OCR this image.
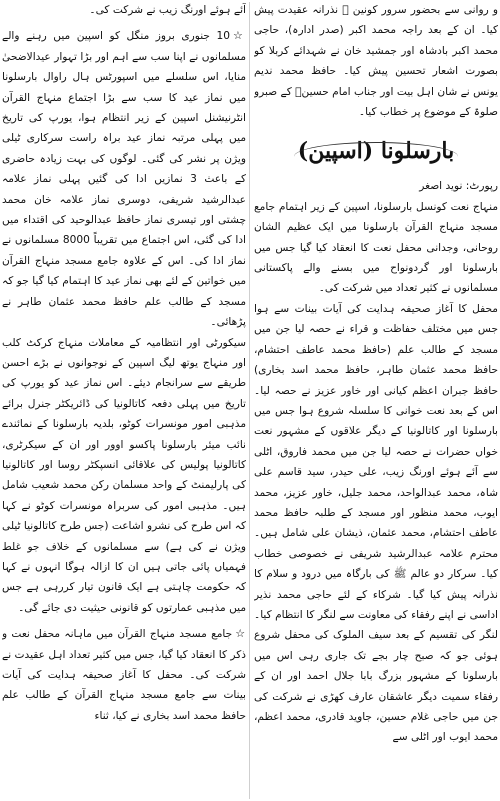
و روانی سے بحضور سرور کونین ﷺ نذرانہ عقیدت پیش کیا۔ ان کے بعد راجہ محمد اکبر (صدر ادارہ)، حاجی محمد اکبر بادشاہ اور جمشید خان نے شہدائے کربلا کو بصورت اشعار تحسین پیش کیا۔ حافظ محمد ندیم یونس نے شان اہل بیت اور جناب امام حسینؓ کے صبرو صلوۃ کے موضوع پر خطاب کیا۔

بارسلونا (اسپین)

رپورٹ: نوید اصغر

منہاج نعت کونسل بارسلونا، اسپین کے زیر اہتمام جامع مسجد منہاج القرآن بارسلونا میں ایک عظیم الشان روحانی، وجدانی محفل نعت کا انعقاد کیا گیا جس میں بارسلونا اور گردونواح میں بسنے والے پاکستانی مسلمانوں نے کثیر تعداد میں شرکت کی۔

محفل کا آغاز صحیفہ ہدایت کی آیات بینات سے ہوا جس میں مختلف حفاظت و قراء نے حصہ لیا جن میں مسجد کے طالب علم (حافظ محمد عاطف احتشام، حافظ محمد عثمان طاہر، حافظ محمد اسد بخاری) حافظ جبران اعظم کیانی اور خاور عزیز نے حصہ لیا۔ اس کے بعد نعت خوانی کا سلسلہ شروع ہوا جس میں بارسلونا اور کاتالونیا کے دیگر علاقوں کے مشہور نعت خواں حضرات نے حصہ لیا جن میں محمد فاروق، اٹلی سے آئے ہوئے اورنگ زیب، علی حیدر، سید قاسم علی شاہ، محمد عبدالواحد، محمد جلیل، خاور عزیز، محمد ایوب، محمد منظور اور مسجد کے طلبہ حافظ محمد عاطف احتشام، محمد عثمان، ذیشان علی شامل ہیں۔ محترم علامہ عبدالرشید شریفی نے خصوصی خطاب کیا۔ سرکار دو عالم ﷺ کی بارگاہ میں درود و سلام کا نذرانہ پیش کیا گیا۔ شرکاء کے لئے حاجی محمد نذیر اداسی نے اپنے رفقاء کی معاونت سے لنگر کا انتظام کیا۔ لنگر کی تقسیم کے بعد سیف الملوک کی محفل شروع ہوئی جو کہ صبح چار بجے تک جاری رہی اس میں بارسلونا کے مشہور بزرگ بابا جلال احمد اور ان کے رفقاء سمیت دیگر عاشقان عارف کھڑی نے شرکت کی جن میں حاجی غلام حسین، جاوید قادری، محمد اعظم، محمد ایوب اور اٹلی سے

آئے ہوئے اورنگ زیب نے شرکت کی۔

☆10 جنوری بروز منگل کو اسپین میں رہنے والے مسلمانوں نے اپنا سب سے اہم اور بڑا تہوار عیدالاضحیٰ منایا، اس سلسلے میں اسپورٹس ہال راوال بارسلونا میں نماز عید کا سب سے بڑا اجتماع منہاج القرآن انٹرنیشنل اسپین کے زیر انتظام ہوا، یورپ کی تاریخ میں پہلی مرتبہ نماز عید براہ راست سرکاری ٹیلی ویژن پر نشر کی گئی۔ لوگوں کی بہت زیادہ حاضری کے باعث 3 نمازیں ادا کی گئیں پہلی نماز علامہ عبدالرشید شریفی، دوسری نماز علامہ خان محمد چشتی اور تیسری نماز حافظ عبدالوحید کی اقتداء میں ادا کی گئی، اس اجتماع میں تقریباً 8000 مسلمانوں نے نماز ادا کی۔ اس کے علاوہ جامع مسجد منہاج القرآن میں خواتین کے لئے بھی نماز عید کا اہتمام کیا گیا جو کہ مسجد کے طالب علم حافظ محمد عثمان طاہر نے پڑھائی۔

سیکورٹی اور انتظامیہ کے معاملات منہاج کرکٹ کلب اور منہاج یوتھ لیگ اسپین کے نوجوانوں نے بڑے احسن طریقے سے سرانجام دیئے۔ اس نماز عید کو یورپ کی تاریخ میں پہلی دفعہ کاتالونیا کی ڈائریکٹر جنرل برائے مذہبی امور مونسرات کوٹو، بلدیہ بارسلونا کے نمائندے نائب میئر بارسلونا پاکسو اوور اور ان کے سیکرٹری، کاتالونیا پولیس کی علاقائی انسپکٹر روسا اور کاتالونیا کی پارلیمنٹ کے واحد مسلمان رکن محمد شعیب شامل ہیں۔ مذہبی امور کی سربراہ مونسرات کوٹو نے کہا کہ اس طرح کی نشرو اشاعت (جس طرح کاتالونیا ٹیلی ویژن نے کی ہے) سے مسلمانوں کے خلاف جو غلط فہمیاں پائی جاتی ہیں ان کا ازالہ ہوگا انہوں نے کہا کہ حکومت چاہتی ہے ایک قانون تیار کررہی ہے جس میں مذہبی عمارتوں کو قانونی حیثیت دی جائے گی۔

☆جامع مسجد منہاج القرآن میں ماہانہ محفل نعت و ذکر کا انعقاد کیا گیا، جس میں کثیر تعداد اہل عقیدت نے شرکت کی۔ محفل کا آغاز صحیفہ ہدایت کی آیات بینات سے جامع مسجد منہاج القرآن کے طالب علم حافظ محمد اسد بخاری نے کیا، ثناء
